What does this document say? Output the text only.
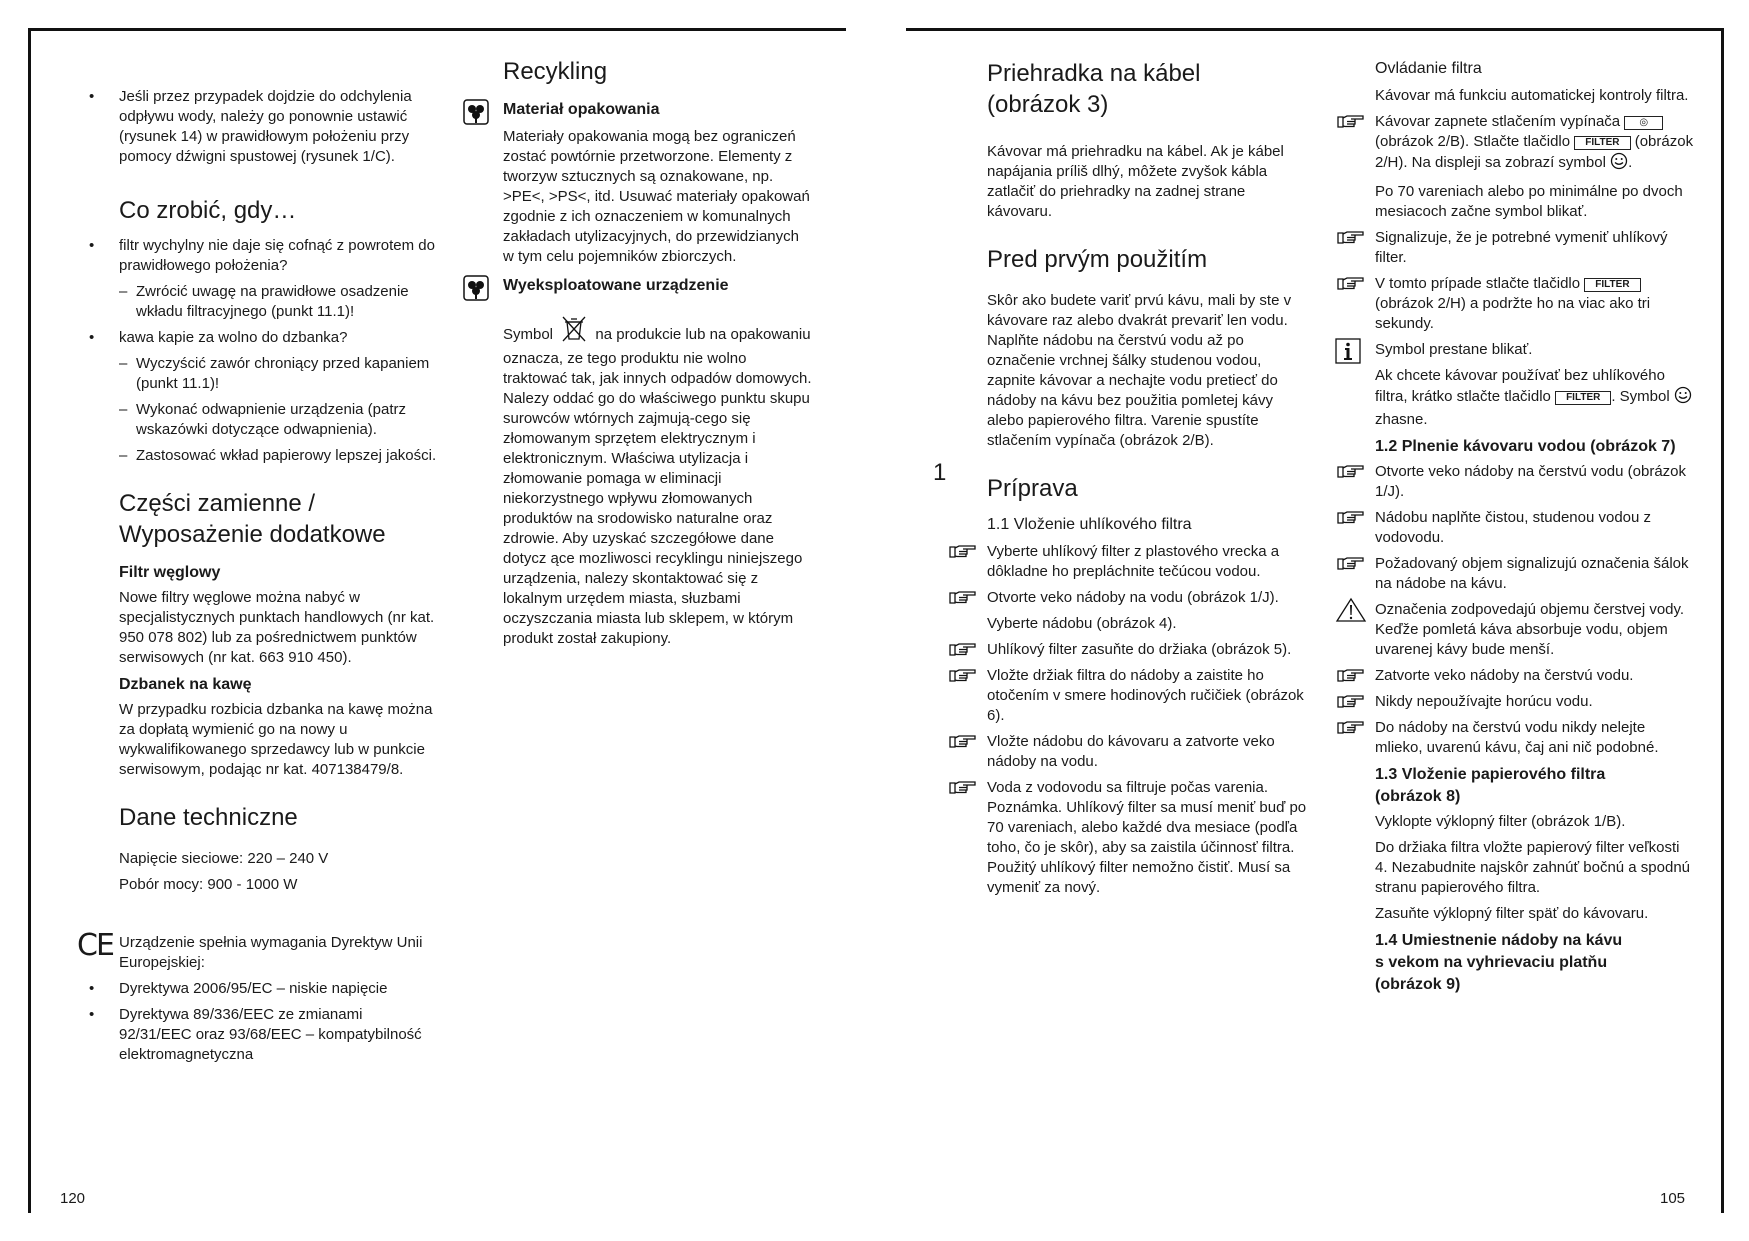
• Jeśli przez przypadek dojdzie do odchylenia odpływu wody, należy go ponownie ustawić (rysunek 14) w prawidłowym położeniu przy pomocy dźwigni spustowej (rysunek 1/C).
Co zrobić, gdy…
• filtr wychylny nie daje się cofnąć z powrotem do prawidłowego położenia?
– Zwrócić uwagę na prawidłowe osadzenie wkładu filtracyjnego (punkt 11.1)!
• kawa kapie za wolno do dzbanka?
– Wyczyścić zawór chroniący przed kapaniem (punkt 11.1)!
– Wykonać odwapnienie urządzenia (patrz wskazówki dotyczące odwapnienia).
– Zastosować wkład papierowy lepszej jakości.
Części zamienne /
Wyposażenie dodatkowe
Filtr węglowy

Nowe filtry węglowe można nabyć w specjalistycznych punktach handlowych (nr kat. 950 078 802) lub za pośrednictwem punktów serwisowych (nr kat. 663 910 450).

Dzbanek na kawę

W przypadku rozbicia dzbanka na kawę można za dopłatą wymienić go na nowy u wykwalifikowanego sprzedawcy lub w punkcie serwisowym, podając nr kat. 407138479/8.

Dane techniczne

Napięcie sieciowe: 220 – 240 V

Pobór mocy: 900 - 1000 W

CE Urządzenie spełnia wymagania Dyrektyw Unii Europejskiej:
• Dyrektywa 2006/95/EC – niskie napięcie
• Dyrektywa 89/336/EEC ze zmianami 92/31/EEC oraz 93/68/EEC – kompatybilność elektromagnetyczna
Recykling
Materiał opakowania

Materiały opakowania mogą bez ograniczeń zostać powtórnie przetworzone. Elementy z tworzyw sztucznych są oznakowane, np. >PE<, >PS<, itd. Usuwać materiały opakowań zgodnie z ich oznaczeniem w komunalnych zakładach utylizacyjnych, do przewidzianych w tym celu pojemników zbiorczych.

Wyeksploatowane urządzenie

Symbol	na produkcie lub na opakowaniu oznacza, ze tego produktu nie wolno traktować tak, jak innych odpadów domowych. Nalezy oddać go do właściwego punktu skupu surowców wtórnych zajmują-cego się złomowanym sprzętem elektrycznym i elektronicznym. Właściwa utylizacja i złomowanie pomaga w eliminacji niekorzystnego wpływu złomowanych produktów na srodowisko naturalne oraz zdrowie. Aby uzyskać szczegółowe dane dotycz ące mozliwosci recyklingu niniejszego urządzenia, nalezy skontaktować się z lokalnym urzędem miasta, słuzbami oczyszczania miasta lub sklepem, w którym produkt został zakupiony.

120
Priehradka na kábel
(obrázok 3)

Kávovar má priehradku na kábel. Ak je kábel napájania príliš dlhý, môžete zvyšok kábla zatlačiť do priehradky na zadnej strane kávovaru.

Pred prvým použitím

Skôr ako budete variť prvú kávu, mali by ste v kávovare raz alebo dvakrát prevariť len vodu. Naplňte nádobu na čerstvú vodu až po označenie vrchnej šálky studenou vodou, zapnite kávovar a nechajte vodu pretiecť do nádoby na kávu bez použitia pomletej kávy alebo papierového filtra. Varenie spustíte stlačením vypínača (obrázok 2/B).

Príprava
1.1 Vloženie uhlíkového filtra
Vyberte uhlíkový filter z plastového vrecka a dôkladne ho prepláchnite tečúcou vodou.
Otvorte veko nádoby na vodu (obrázok 1/J).

Vyberte nádobu (obrázok 4).

Uhlíkový filter zasuňte do držiaka (obrázok 5).
Vložte držiak filtra do nádoby a zaistite ho otočením v smere hodinových ručičiek (obrázok 6).
Vložte nádobu do kávovaru a zatvorte veko nádoby na vodu.
Voda z vodovodu sa filtruje počas varenia. Poznámka. Uhlíkový filter sa musí meniť buď po 70 vareniach, alebo každé dva mesiace (podľa toho, čo je skôr), aby sa zaistila účinnosť filtra. Použitý uhlíkový filter nemožno čistiť. Musí sa vymeniť za nový.
1
Ovládanie filtra

Kávovar má funkciu automatickej kontroly filtra.

Kávovar zapnete stlačením vypínača ◎ (obrázok 2/B). Stlačte tlačidlo FILTER (obrázok 2/H). Na displeji sa zobrazí symbol .

Po 70 vareniach alebo po minimálne po dvoch mesiacoch začne symbol blikať.

Signalizuje, že je potrebné vymeniť uhlíkový filter.
V tomto prípade stlačte tlačidlo FILTER (obrázok 2/H) a podržte ho na viac ako tri sekundy.
Symbol prestane blikať.

Ak chcete kávovar používať bez uhlíkového filtra, krátko stlačte tlačidlo FILTER . Symbol  zhasne.

1.2 Plnenie kávovaru vodou (obrázok 7)
Otvorte veko nádoby na čerstvú vodu (obrázok 1/J).
Nádobu naplňte čistou, studenou vodou z vodovodu.
Požadovaný objem signalizujú označenia šálok na nádobe na kávu.
Označenia zodpovedajú objemu čerstvej vody. Keďže pomletá káva absorbuje vodu, objem uvarenej kávy bude menší.
Zatvorte veko nádoby na čerstvú vodu.
Nikdy nepoužívajte horúcu vodu.
Do nádoby na čerstvú vodu nikdy nelejte mlieko, uvarenú kávu, čaj ani nič podobné.
1.3 Vloženie papierového filtra
(obrázok 8)

Vyklopte výklopný filter (obrázok 1/B).

Do držiaka filtra vložte papierový filter veľkosti 4. Nezabudnite najskôr zahnúť bočnú a spodnú stranu papierového filtra.

Zasuňte výklopný filter späť do kávovaru.

1.4 Umiestnenie nádoby na kávu
s vekom na vyhrievaciu platňu
(obrázok 9)
105
